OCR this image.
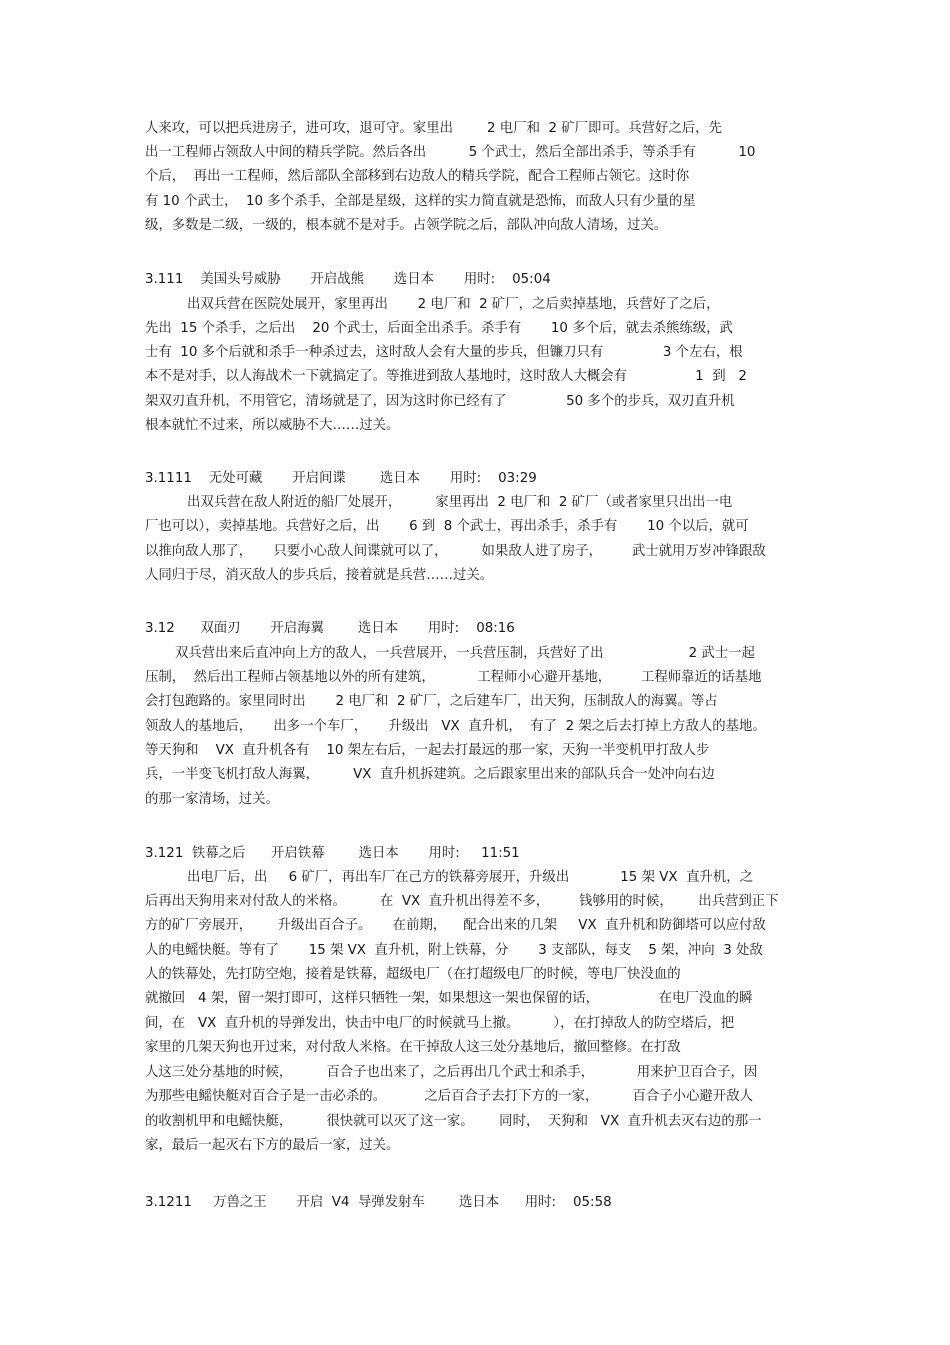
人来攻，可以把兵进房子，进可攻，退可守。家里出        2 电厂和  2 矿厂即可。兵营好之后，先
出一工程师占领敌人中间的精兵学院。然后各出          5 个武士，然后全部出杀手，等杀手有          10
个后，  再出一工程师，然后部队全部移到右边敌人的精兵学院，配合工程师占领它。这时你
有 10 个武士，  10 多个杀手，全部是星级，这样的实力简直就是恐怖，而敌人只有少量的星
级，多数是二级，一级的，根本就不是对手。占领学院之后，部队冲向敌人清场，过关。
3.111    美国头号威胁       开启战熊       选日本       用时:    05:04
出双兵营在医院处展开，家里再出       2 电厂和  2 矿厂，之后卖掉基地，兵营好了之后，
先出  15 个杀手，之后出    20 个武士，后面全出杀手。杀手有       10 多个后，就去杀熊练级，武
士有  10 多个后就和杀手一种杀过去，这时敌人会有大量的步兵，但镰刀只有              3 个左右，根
本不是对手，以人海战术一下就搞定了。等推进到敌人基地时，这时敌人大概会有                1  到   2
架双刃直升机，不用管它，清场就是了，因为这时你已经有了              50 多个的步兵，双刃直升机
根本就忙不过来，所以威胁不大……过关。
3.1111    无处可藏       开启间谍        选日本       用时:    03:29
出双兵营在敌人附近的船厂处展开，        家里再出  2 电厂和  2 矿厂（或者家里只出出一电
厂也可以），卖掉基地。兵营好之后，出       6 到  8 个武士，再出杀手，杀手有       10 个以后，就可
以推向敌人那了，     只要小心敌人间谍就可以了，        如果敌人进了房子，       武士就用万岁冲锋跟敌
人同归于尽，消灭敌人的步兵后，接着就是兵营……过关。
3.12      双面刃       开启海翼        选日本       用时:    08:16
双兵营出来后直冲向上方的敌人，一兵营展开，一兵营压制，兵营好了出                    2 武士一起
压制，  然后出工程师占领基地以外的所有建筑，          工程师小心避开基地，       工程师靠近的话基地
会打包跑路的。家里同时出       2 电厂和  2 矿厂，之后建车厂，出天狗，压制敌人的海翼。等占
领敌人的基地后，     出多一个车厂，     升级出   VX  直升机，  有了  2 架之后去打掉上方敌人的基地。
等天狗和    VX  直升机各有    10 架左右后，一起去打最远的那一家，天狗一半变机甲打敌人步
兵，一半变飞机打敌人海翼，        VX  直升机拆建筑。之后跟家里出来的部队兵合一处冲向右边
的那一家清场，过关。
3.121  铁幕之后      开启铁幕        选日本       用时:     11:51
出电厂后，出     6 矿厂，再出车厂在己方的铁幕旁展开，升级出            15 架 VX  直升机，之
后再出天狗用来对付敌人的米格。        在  VX  直升机出得差不多，       钱够用的时候，      出兵营到正下
方的矿厂旁展开，      升级出百合子。     在前期，    配合出来的几架     VX  直升机和防御塔可以应付敌
人的电鳐快艇。等有了       15 架 VX  直升机，附上铁幕，分       3 支部队，每支    5 架，冲向  3 处敌
人的铁幕处，先打防空炮，接着是铁幕，超级电厂（在打超级电厂的时候，等电厂快没血的
就撤回   4 架，留一架打即可，这样只牺牲一架，如果想这一架也保留的话，              在电厂没血的瞬
间，在   VX  直升机的导弹发出，快击中电厂的时候就马上撤。        ），在打掉敌人的防空塔后，把
家里的几架天狗也开过来，对付敌人米格。在干掉敌人这三处分基地后，撤回整修。在打敌
人这三处分基地的时候，        百合子也出来了，之后再出几个武士和杀手，          用来护卫百合子，因
为那些电鳐快艇对百合子是一击必杀的。         之后百合子去打下方的一家，        百合子小心避开敌人
的收割机甲和电鳐快艇，        很快就可以灭了这一家。      同时，  天狗和   VX  直升机去灭右边的那一
家，最后一起灭右下方的最后一家，过关。
3.1211     万兽之王       开启  V4  导弹发射车        选日本      用时:    05:58
